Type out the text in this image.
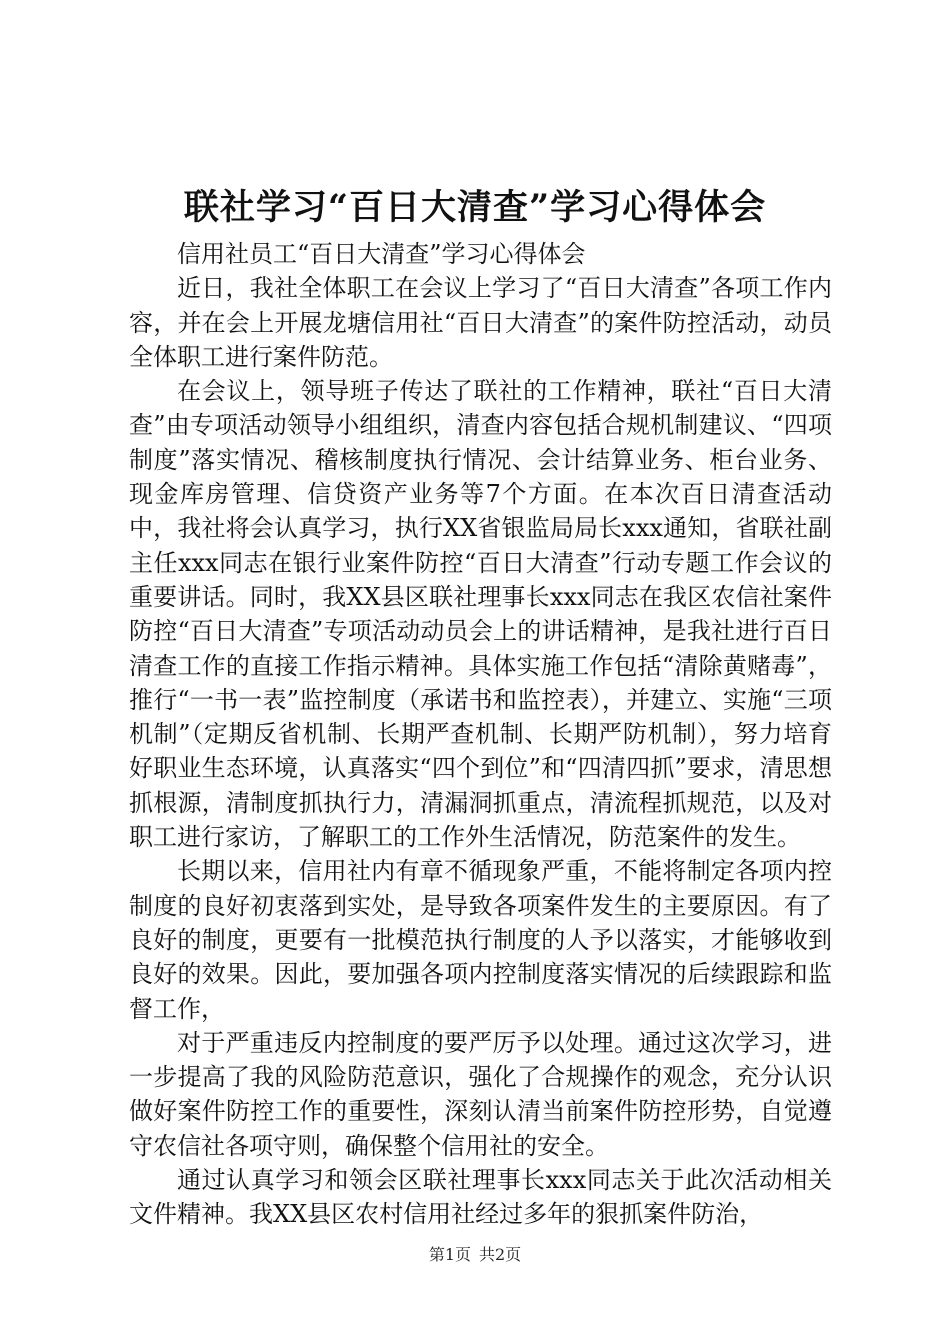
联社学习“百日大清查”学习心得体会

信用社员工“百日大清查”学习心得体会

近日，我社全体职工在会议上学习了“百日大清查”各项工作内容，并在会上开展龙塘信用社“百日大清查”的案件防控活动，动员全体职工进行案件防范。

在会议上，领导班子传达了联社的工作精神，联社“百日大清查”由专项活动领导小组组织，清查内容包括合规机制建议、“四项制度”落实情况、稽核制度执行情况、会计结算业务、柜台业务、现金库房管理、信贷资产业务等7个方面。在本次百日清查活动中，我社将会认真学习，执行XX省银监局局长xxx通知，省联社副主任xxx同志在银行业案件防控“百日大清查”行动专题工作会议的重要讲话。同时，我XX县区联社理事长xxx同志在我区农信社案件防控“百日大清查”专项活动动员会上的讲话精神，是我社进行百日清查工作的直接工作指示精神。具体实施工作包括“清除黄赌毒”，推行“一书一表”监控制度（承诺书和监控表），并建立、实施“三项机制”（定期反省机制、长期严查机制、长期严防机制），努力培育好职业生态环境，认真落实“四个到位”和“四清四抓”要求，清思想抓根源，清制度抓执行力，清漏洞抓重点，清流程抓规范，以及对职工进行家访，了解职工的工作外生活情况，防范案件的发生。

长期以来，信用社内有章不循现象严重，不能将制定各项内控制度的良好初衷落到实处，是导致各项案件发生的主要原因。有了良好的制度，更要有一批模范执行制度的人予以落实，才能够收到良好的效果。因此，要加强各项内控制度落实情况的后续跟踪和监督工作，

对于严重违反内控制度的要严厉予以处理。通过这次学习，进一步提高了我的风险防范意识，强化了合规操作的观念，充分认识做好案件防控工作的重要性，深刻认清当前案件防控形势，自觉遵守农信社各项守则，确保整个信用社的安全。

通过认真学习和领会区联社理事长xxx同志关于此次活动相关文件精神。我XX县区农村信用社经过多年的狠抓案件防治，

第1页 共2页
